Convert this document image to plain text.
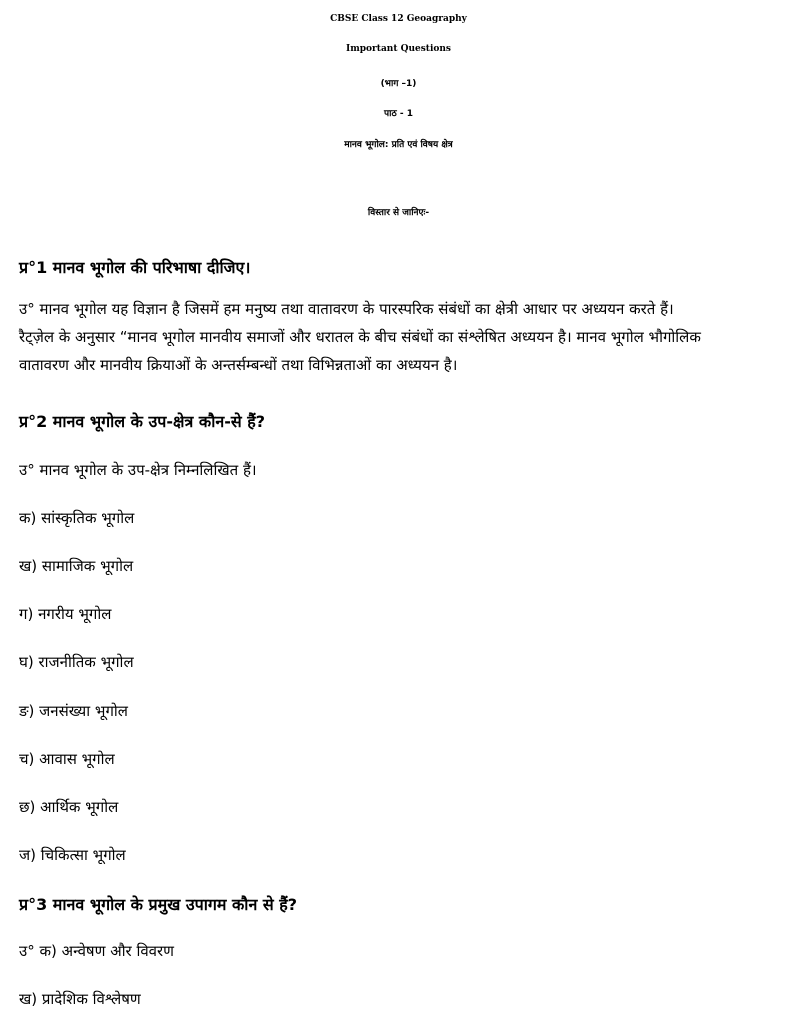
CBSE Class 12 Geoagraphy
Important Questions
(भाग –1)
पाठ - 1
मानव भूगोल: प्रति एवं विषय क्षेत्र
विस्तार से जानिएः-
प्र°1 मानव भूगोल की परिभाषा दीजिए।
उ° मानव भूगोल यह विज्ञान है जिसमें हम मनुष्य तथा वातावरण के पारस्परिक संबंधों का क्षेत्री आधार पर अध्ययन करते हैं।
रैट्ज़ेल के अनुसार “मानव भूगोल मानवीय समाजों और धरातल के बीच संबंधों का संश्लेषित अध्ययन है। मानव भूगोल भौगोलिक
वातावरण और मानवीय क्रियाओं के अन्तर्सम्बन्धों तथा विभिन्नताओं का अध्ययन है।
प्र°2 मानव भूगोल के उप-क्षेत्र कौन-से हैं?
उ° मानव भूगोल के उप-क्षेत्र निम्नलिखित हैं।
क) सांस्कृतिक भूगोल
ख) सामाजिक भूगोल
ग) नगरीय भूगोल
घ) राजनीतिक भूगोल
ङ) जनसंख्या भूगोल
च) आवास भूगोल
छ) आर्थिक भूगोल
ज) चिकित्सा भूगोल
प्र°3 मानव भूगोल के प्रमुख उपागम कौन से हैं?
उ° क) अन्वेषण और विवरण
ख) प्रादेशिक विश्लेषण
